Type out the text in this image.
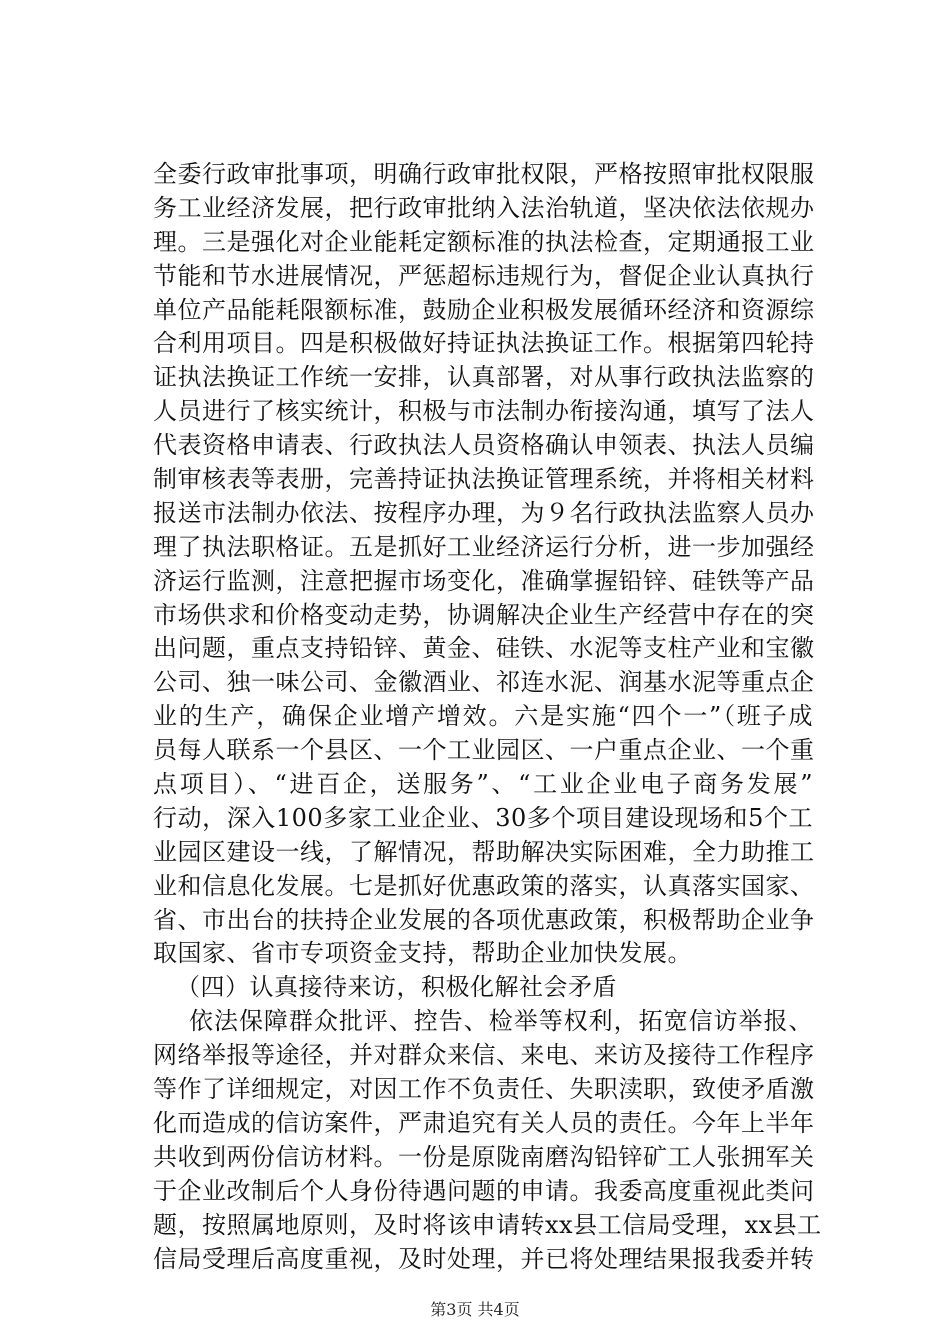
全委行政审批事项，明确行政审批权限，严格按照审批权限服
务工业经济发展，把行政审批纳入法治轨道，坚决依法依规办
理。三是强化对企业能耗定额标准的执法检查，定期通报工业
节能和节水进展情况，严惩超标违规行为，督促企业认真执行
单位产品能耗限额标准，鼓励企业积极发展循环经济和资源综
合利用项目。四是积极做好持证执法换证工作。根据第四轮持
证执法换证工作统一安排，认真部署，对从事行政执法监察的
人员进行了核实统计，积极与市法制办衔接沟通，填写了法人
代表资格申请表、行政执法人员资格确认申领表、执法人员编
制审核表等表册，完善持证执法换证管理系统，并将相关材料
报送市法制办依法、按程序办理，为９名行政执法监察人员办
理了执法职格证。五是抓好工业经济运行分析，进一步加强经
济运行监测，注意把握市场变化，准确掌握铅锌、硅铁等产品
市场供求和价格变动走势，协调解决企业生产经营中存在的突
出问题，重点支持铅锌、黄金、硅铁、水泥等支柱产业和宝徽
公司、独一味公司、金徽酒业、祁连水泥、润基水泥等重点企
业的生产，确保企业增产增效。六是实施“四个一”（班子成
员每人联系一个县区、一个工业园区、一户重点企业、一个重
点项目）、“进百企，送服务”、“工业企业电子商务发展”
行动，深入100多家工业企业、30多个项目建设现场和5个工
业园区建设一线，了解情况，帮助解决实际困难，全力助推工
业和信息化发展。七是抓好优惠政策的落实，认真落实国家、
省、市出台的扶持企业发展的各项优惠政策，积极帮助企业争
取国家、省市专项资金支持，帮助企业加快发展。
（四）认真接待来访，积极化解社会矛盾
依法保障群众批评、控告、检举等权利，拓宽信访举报、
网络举报等途径，并对群众来信、来电、来访及接待工作程序
等作了详细规定，对因工作不负责任、失职渎职，致使矛盾激
化而造成的信访案件，严肃追究有关人员的责任。今年上半年
共收到两份信访材料。一份是原陇南磨沟铅锌矿工人张拥军关
于企业改制后个人身份待遇问题的申请。我委高度重视此类问
题，按照属地原则，及时将该申请转xx县工信局受理，xx县工
信局受理后高度重视，及时处理，并已将处理结果报我委并转
第3页 共4页
